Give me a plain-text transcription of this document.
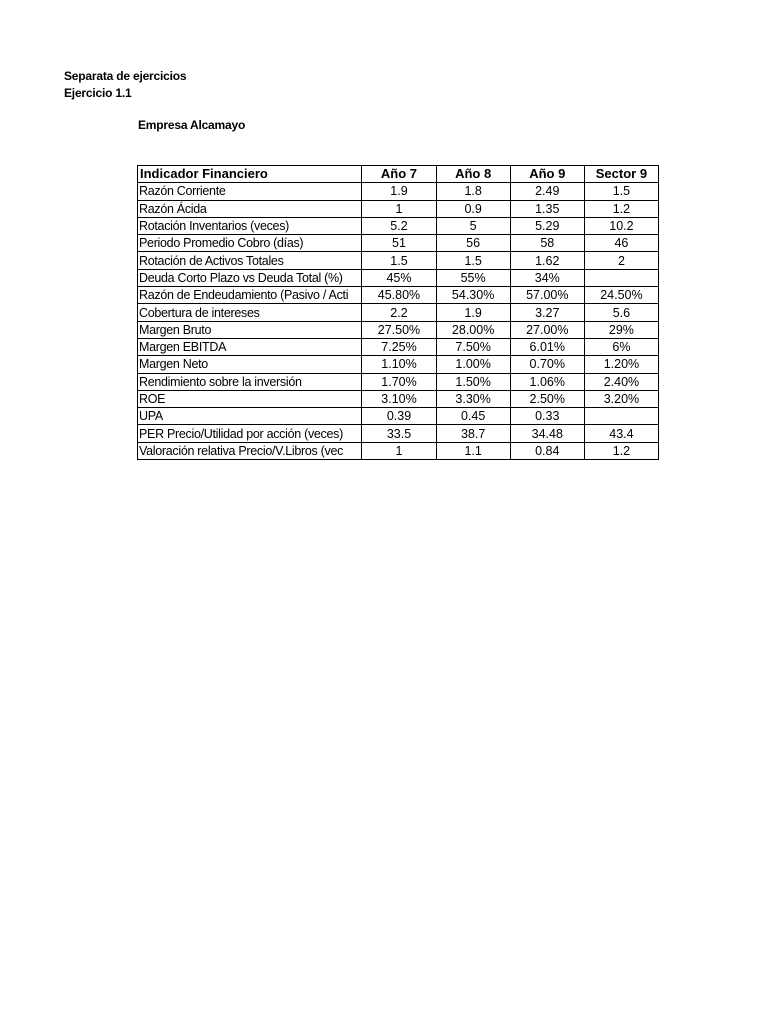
Separata de ejercicios
Ejercicio 1.1
Empresa Alcamayo
Indicador Financiero	Año 7	Año 8	Año 9	Sector 9
Razón Corriente	1.9	1.8	2.49	1.5
Razón Ácida	1	0.9	1.35	1.2
Rotación Inventarios (veces)	5.2	5	5.29	10.2
Periodo Promedio Cobro (días)	51	56	58	46
Rotación de Activos Totales	1.5	1.5	1.62	2
Deuda Corto Plazo vs Deuda Total (%)	45%	55%	34%	
Razón de Endeudamiento (Pasivo / Acti	45.80%	54.30%	57.00%	24.50%
Cobertura de intereses	2.2	1.9	3.27	5.6
Margen Bruto	27.50%	28.00%	27.00%	29%
Margen EBITDA	7.25%	7.50%	6.01%	6%
Margen Neto	1.10%	1.00%	0.70%	1.20%
Rendimiento sobre la inversión	1.70%	1.50%	1.06%	2.40%
ROE	3.10%	3.30%	2.50%	3.20%
UPA	0.39	0.45	0.33	
PER Precio/Utilidad por acción (veces)	33.5	38.7	34.48	43.4
Valoración relativa Precio/V.Libros (vec	1	1.1	0.84	1.2
